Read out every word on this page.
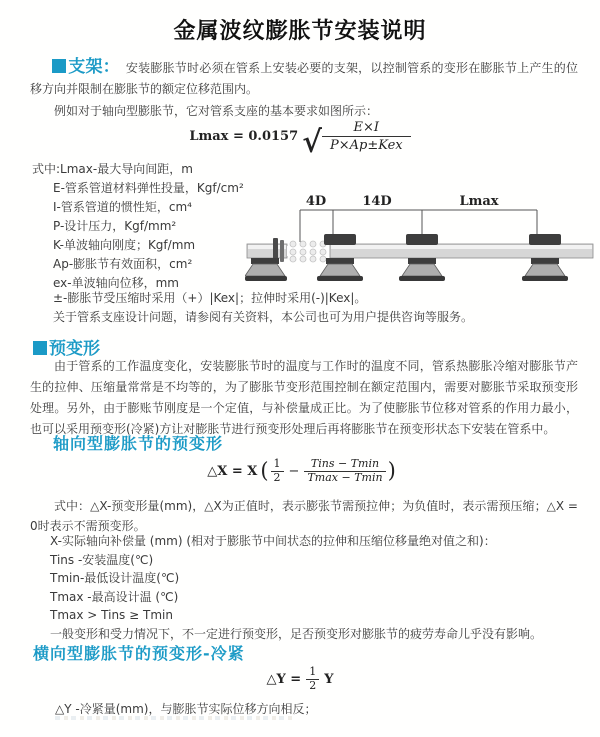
金属波纹膨胀节安装说明
支架： 安装膨胀节时必须在管系上安装必要的支架，以控制管系的变形在膨胀节上产生的位移方向并限制在膨胀节的额定位移范围内。
例如对于轴向型膨胀节，它对管系支座的基本要求如图所示：
Lmax = 0.0157 √ $\frac{E\times I}{\text{P×Ap±Kex}}$
式中:Lmax-最大导向间距，m
E-管系管道材料弹性投量，Kgf/cm²
I-管系管道的惯性矩，cm⁴
P-设计压力，Kgf/mm²
K-单波轴向刚度；Kgf/mm
Ap-膨胀节有效面积，cm²
ex-单波轴向位移，mm
±-膨胀节受压缩时采用（+）|Kex|；拉伸时采用(-)|Kex|。
关于管系支座设计问题，请参阅有关资料，本公司也可为用户提供咨询等服务。
4D	14D	Lmax
预变形
由于管系的工作温度变化，安装膨胀节时的温度与工作时的温度不同，管系热膨胀冷缩对膨胀节产生的拉伸、压缩量常常是不均等的，为了膨胀节变形范围控制在额定范围内，需要对膨胀节采取预变形处理。另外，由于膨账节刚度是一个定值，与补偿量成正比。为了使膨胀节位移对管系的作用力最小，也可以采用预变形(冷紧)方让对膨胀节进行预变形处理后再将膨胀节在预变形状态下安装在管系中。
轴向型膨胀节的预变形
△X = X ( $\frac{1}{2} - \frac{\text{Tins − Tmin}}{Tmax - Tmin}$ )
式中：△X-预变形量(mm)，△X为正值时，表示膨张节需预拉伸；为负值时，表示需预压缩；△X = 0时表示不需预变形。
X-实际轴向补偿量 (mm) (相对于膨胀节中间状态的拉伸和压缩位移量绝对值之和)：
Tins -安装温度(℃)
Tmin-最低设计温度(℃)
Tmax -最高设计温 (℃)
Tmax > Tins ≥ Tmin
一般变形和受力情况下，不一定进行预变形，足否预变形对膨胀节的疲劳寿命儿乎没有影响。
横向型膨胀节的预变形-冷紧
△Y = $\frac{1}{2}$ Y
△Y -冷紧量(mm)，与膨胀节实际位移方向相反；
